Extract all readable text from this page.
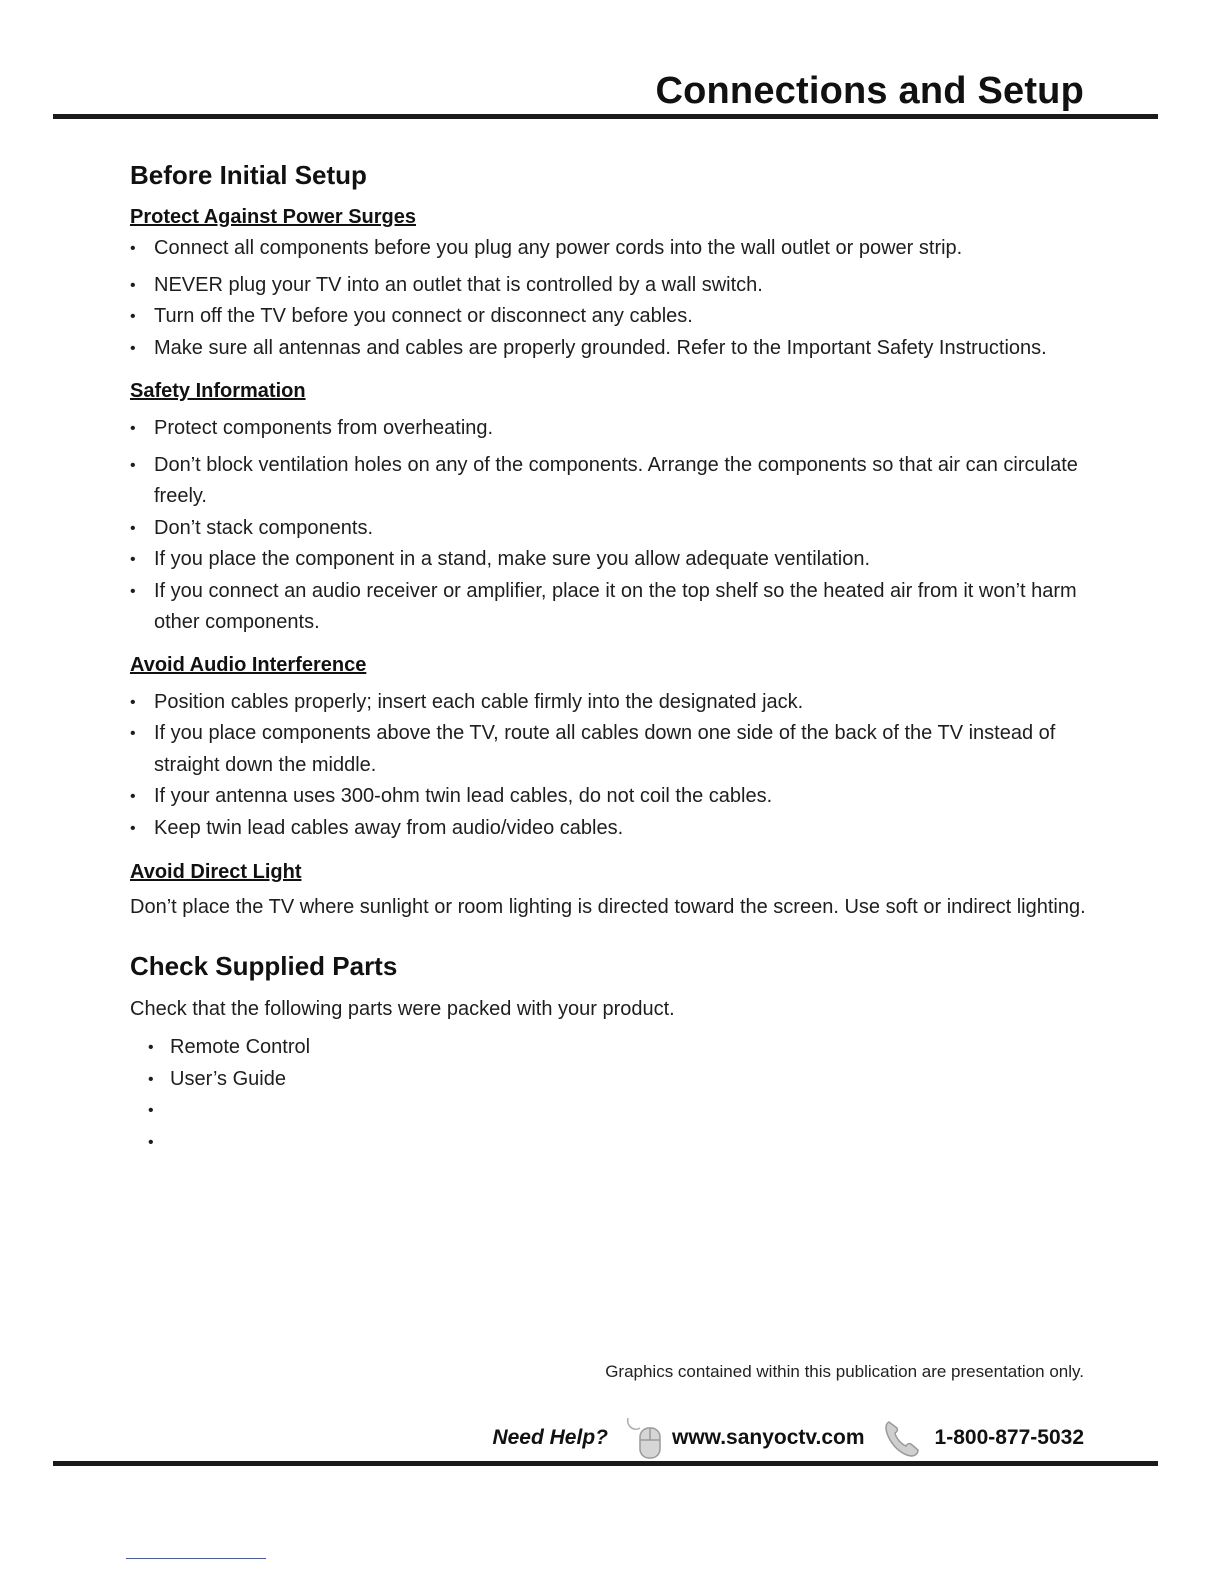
Connections and Setup
Before Initial Setup
Protect Against Power Surges
• Connect all components before you plug any power cords into the wall outlet or power strip.
• NEVER plug your TV into an outlet that is controlled by a wall switch.
• Turn off the TV before you connect or disconnect any cables.
• Make sure all antennas and cables are properly grounded. Refer to the Important Safety Instructions.
Safety Information
• Protect components from overheating.
• Don’t block ventilation holes on any of the components. Arrange the components so that air can circulate freely.
• Don’t stack components.
• If you place the component in a stand, make sure you allow adequate ventilation.
• If you connect an audio receiver or amplifier, place it on the top shelf so the heated air from it won’t harm other components.
Avoid Audio Interference
• Position cables properly; insert each cable firmly into the designated jack.
• If you place components above the TV, route all cables down one side of the back of the TV instead of straight down the middle.
• If your antenna uses 300-ohm twin lead cables, do not coil the cables.
• Keep twin lead cables away from audio/video cables.
Avoid Direct Light

Don’t place the TV where sunlight or room lighting is directed toward the screen. Use soft or indirect lighting.

Check Supplied Parts

Check that the following parts were packed with your product.

• Remote Control
• User’s Guide
•
•
Graphics contained within this publication are presentation only.
Need Help?	www.sanyoctv.com	1-800-877-5032
